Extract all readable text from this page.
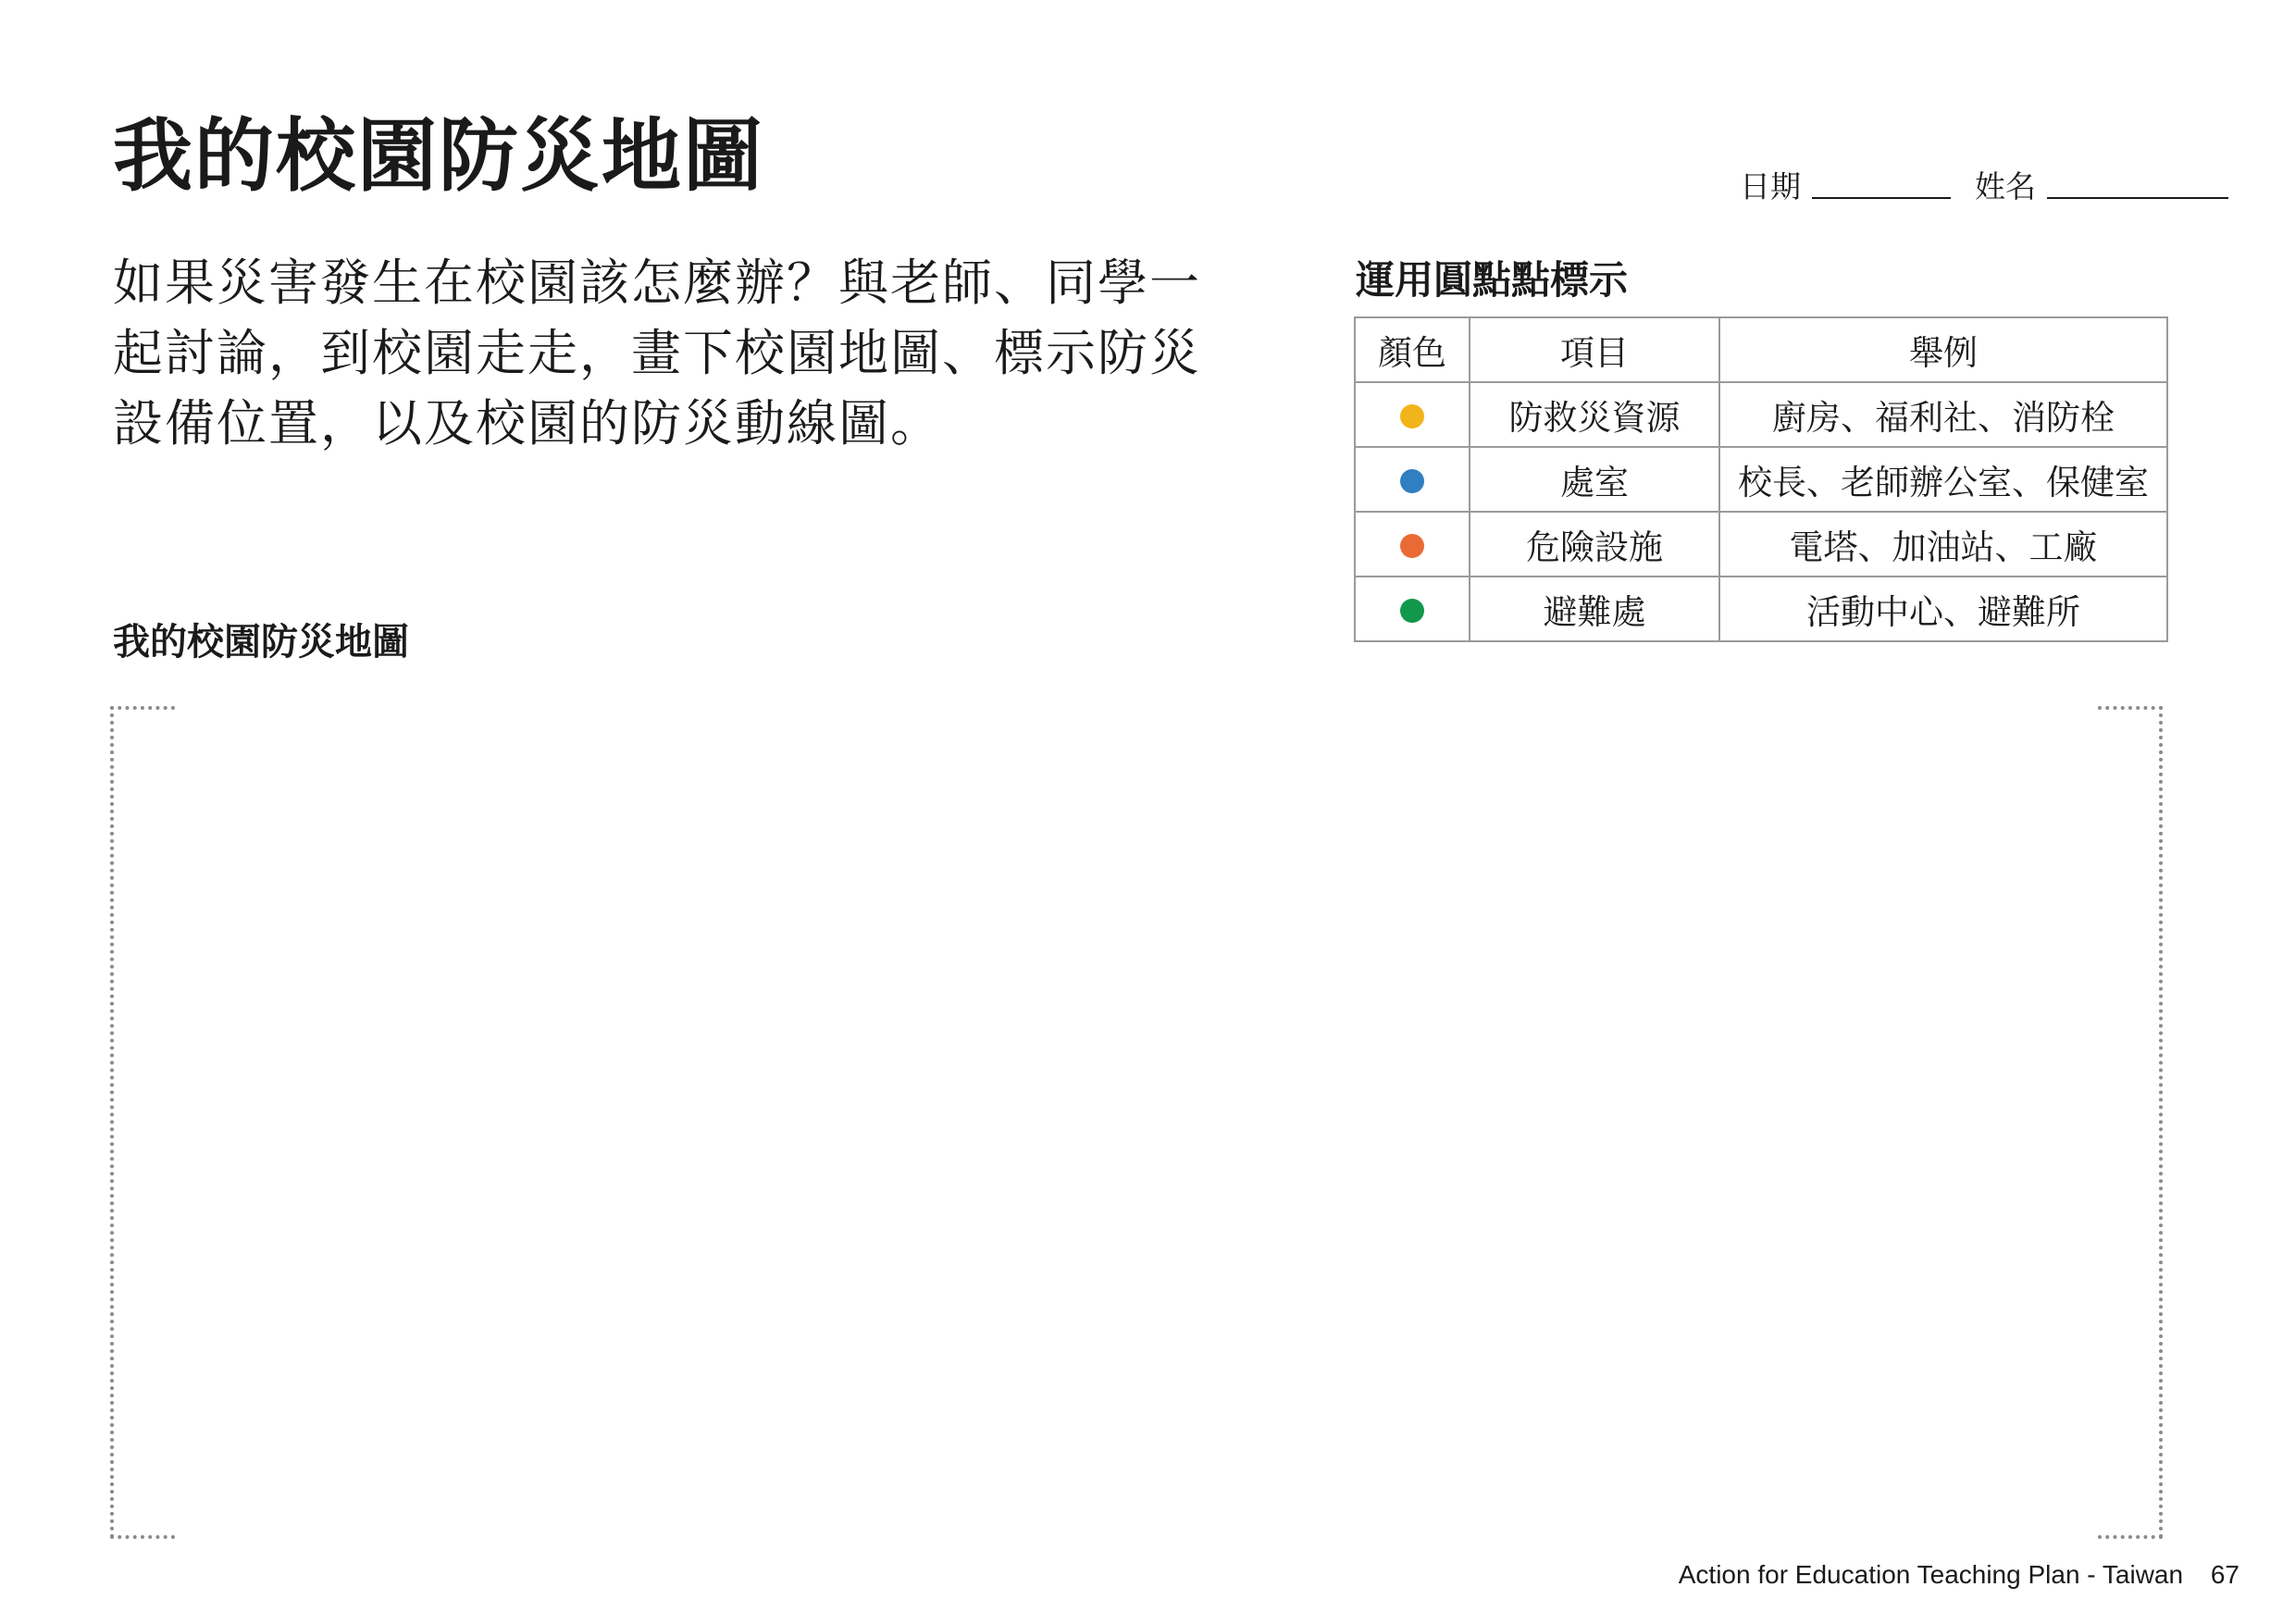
我的校園防災地圖	日期	姓名

如果災害發生在校園該怎麼辦？與老師、同學一起討論，到校園走走，畫下校園地圖、標示防災設備位置，以及校園的防災動線圖。

運用圓點點標示
顏色	項目	舉例
	防救災資源	廚房、福利社、消防栓
	處室	校長、老師辦公室、保健室
	危險設施	電塔、加油站、工廠
	避難處	活動中心、避難所
我的校園防災地圖
Action for Education Teaching Plan - Taiwan 67
